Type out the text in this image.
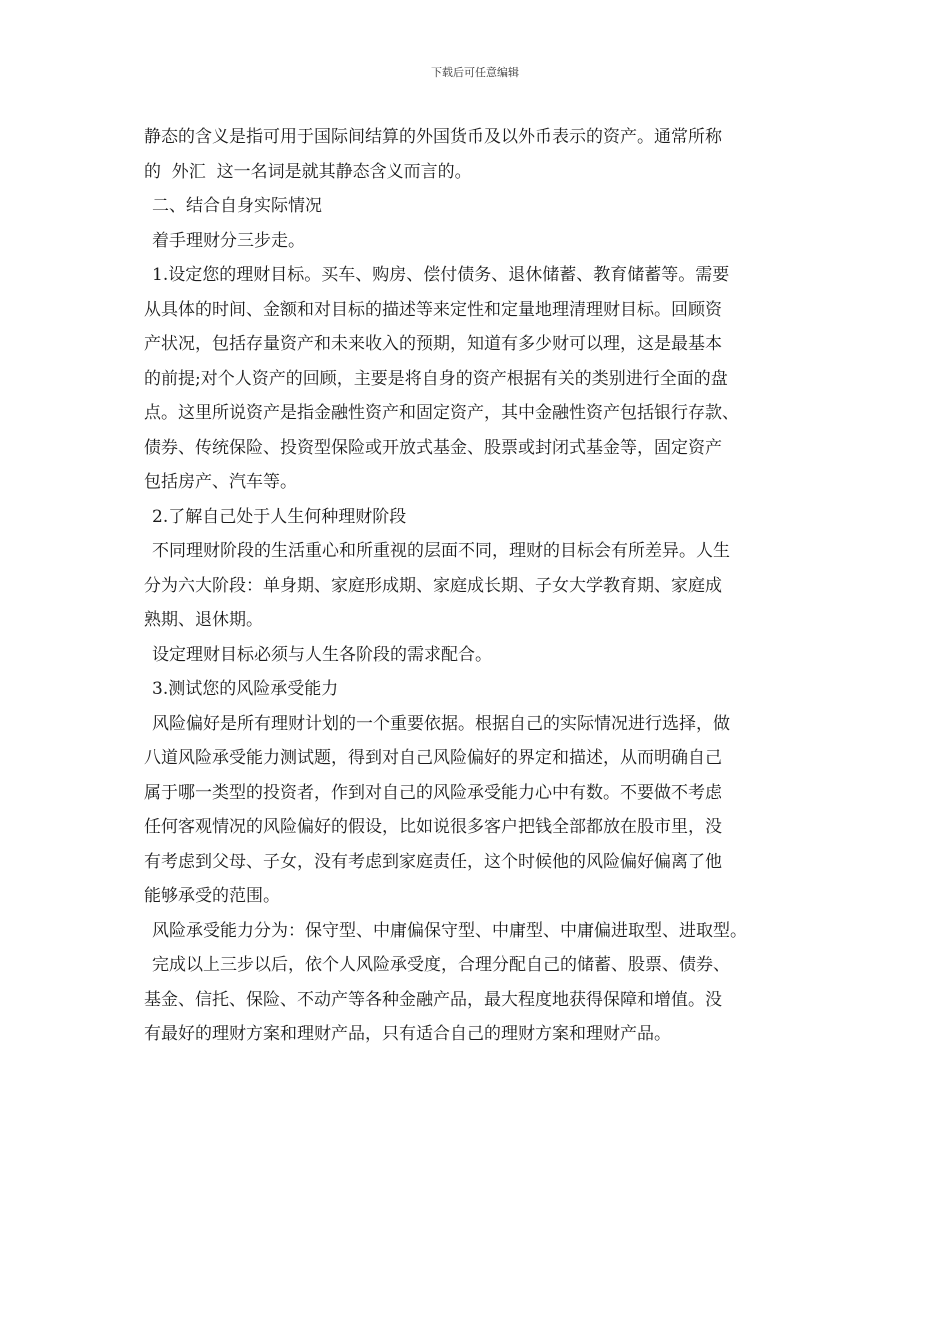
下载后可任意编辑
静态的含义是指可用于国际间结算的外国货币及以外币表示的资产。通常所称
的  外汇  这一名词是就其静态含义而言的。
二、结合自身实际情况
着手理财分三步走。
1.设定您的理财目标。买车、购房、偿付债务、退休储蓄、教育储蓄等。需要
从具体的时间、金额和对目标的描述等来定性和定量地理清理财目标。回顾资
产状况，包括存量资产和未来收入的预期，知道有多少财可以理，这是最基本
的前提;对个人资产的回顾，主要是将自身的资产根据有关的类别进行全面的盘
点。这里所说资产是指金融性资产和固定资产，其中金融性资产包括银行存款、
债券、传统保险、投资型保险或开放式基金、股票或封闭式基金等，固定资产
包括房产、汽车等。
2.了解自己处于人生何种理财阶段
不同理财阶段的生活重心和所重视的层面不同，理财的目标会有所差异。人生
分为六大阶段：单身期、家庭形成期、家庭成长期、子女大学教育期、家庭成
熟期、退休期。
设定理财目标必须与人生各阶段的需求配合。
3.测试您的风险承受能力
风险偏好是所有理财计划的一个重要依据。根据自己的实际情况进行选择，做
八道风险承受能力测试题，得到对自己风险偏好的界定和描述，从而明确自己
属于哪一类型的投资者，作到对自己的风险承受能力心中有数。不要做不考虑
任何客观情况的风险偏好的假设，比如说很多客户把钱全部都放在股市里，没
有考虑到父母、子女，没有考虑到家庭责任，这个时候他的风险偏好偏离了他
能够承受的范围。
风险承受能力分为：保守型、中庸偏保守型、中庸型、中庸偏进取型、进取型。
完成以上三步以后，依个人风险承受度，合理分配自己的储蓄、股票、债券、
基金、信托、保险、不动产等各种金融产品，最大程度地获得保障和增值。没
有最好的理财方案和理财产品，只有适合自己的理财方案和理财产品。
